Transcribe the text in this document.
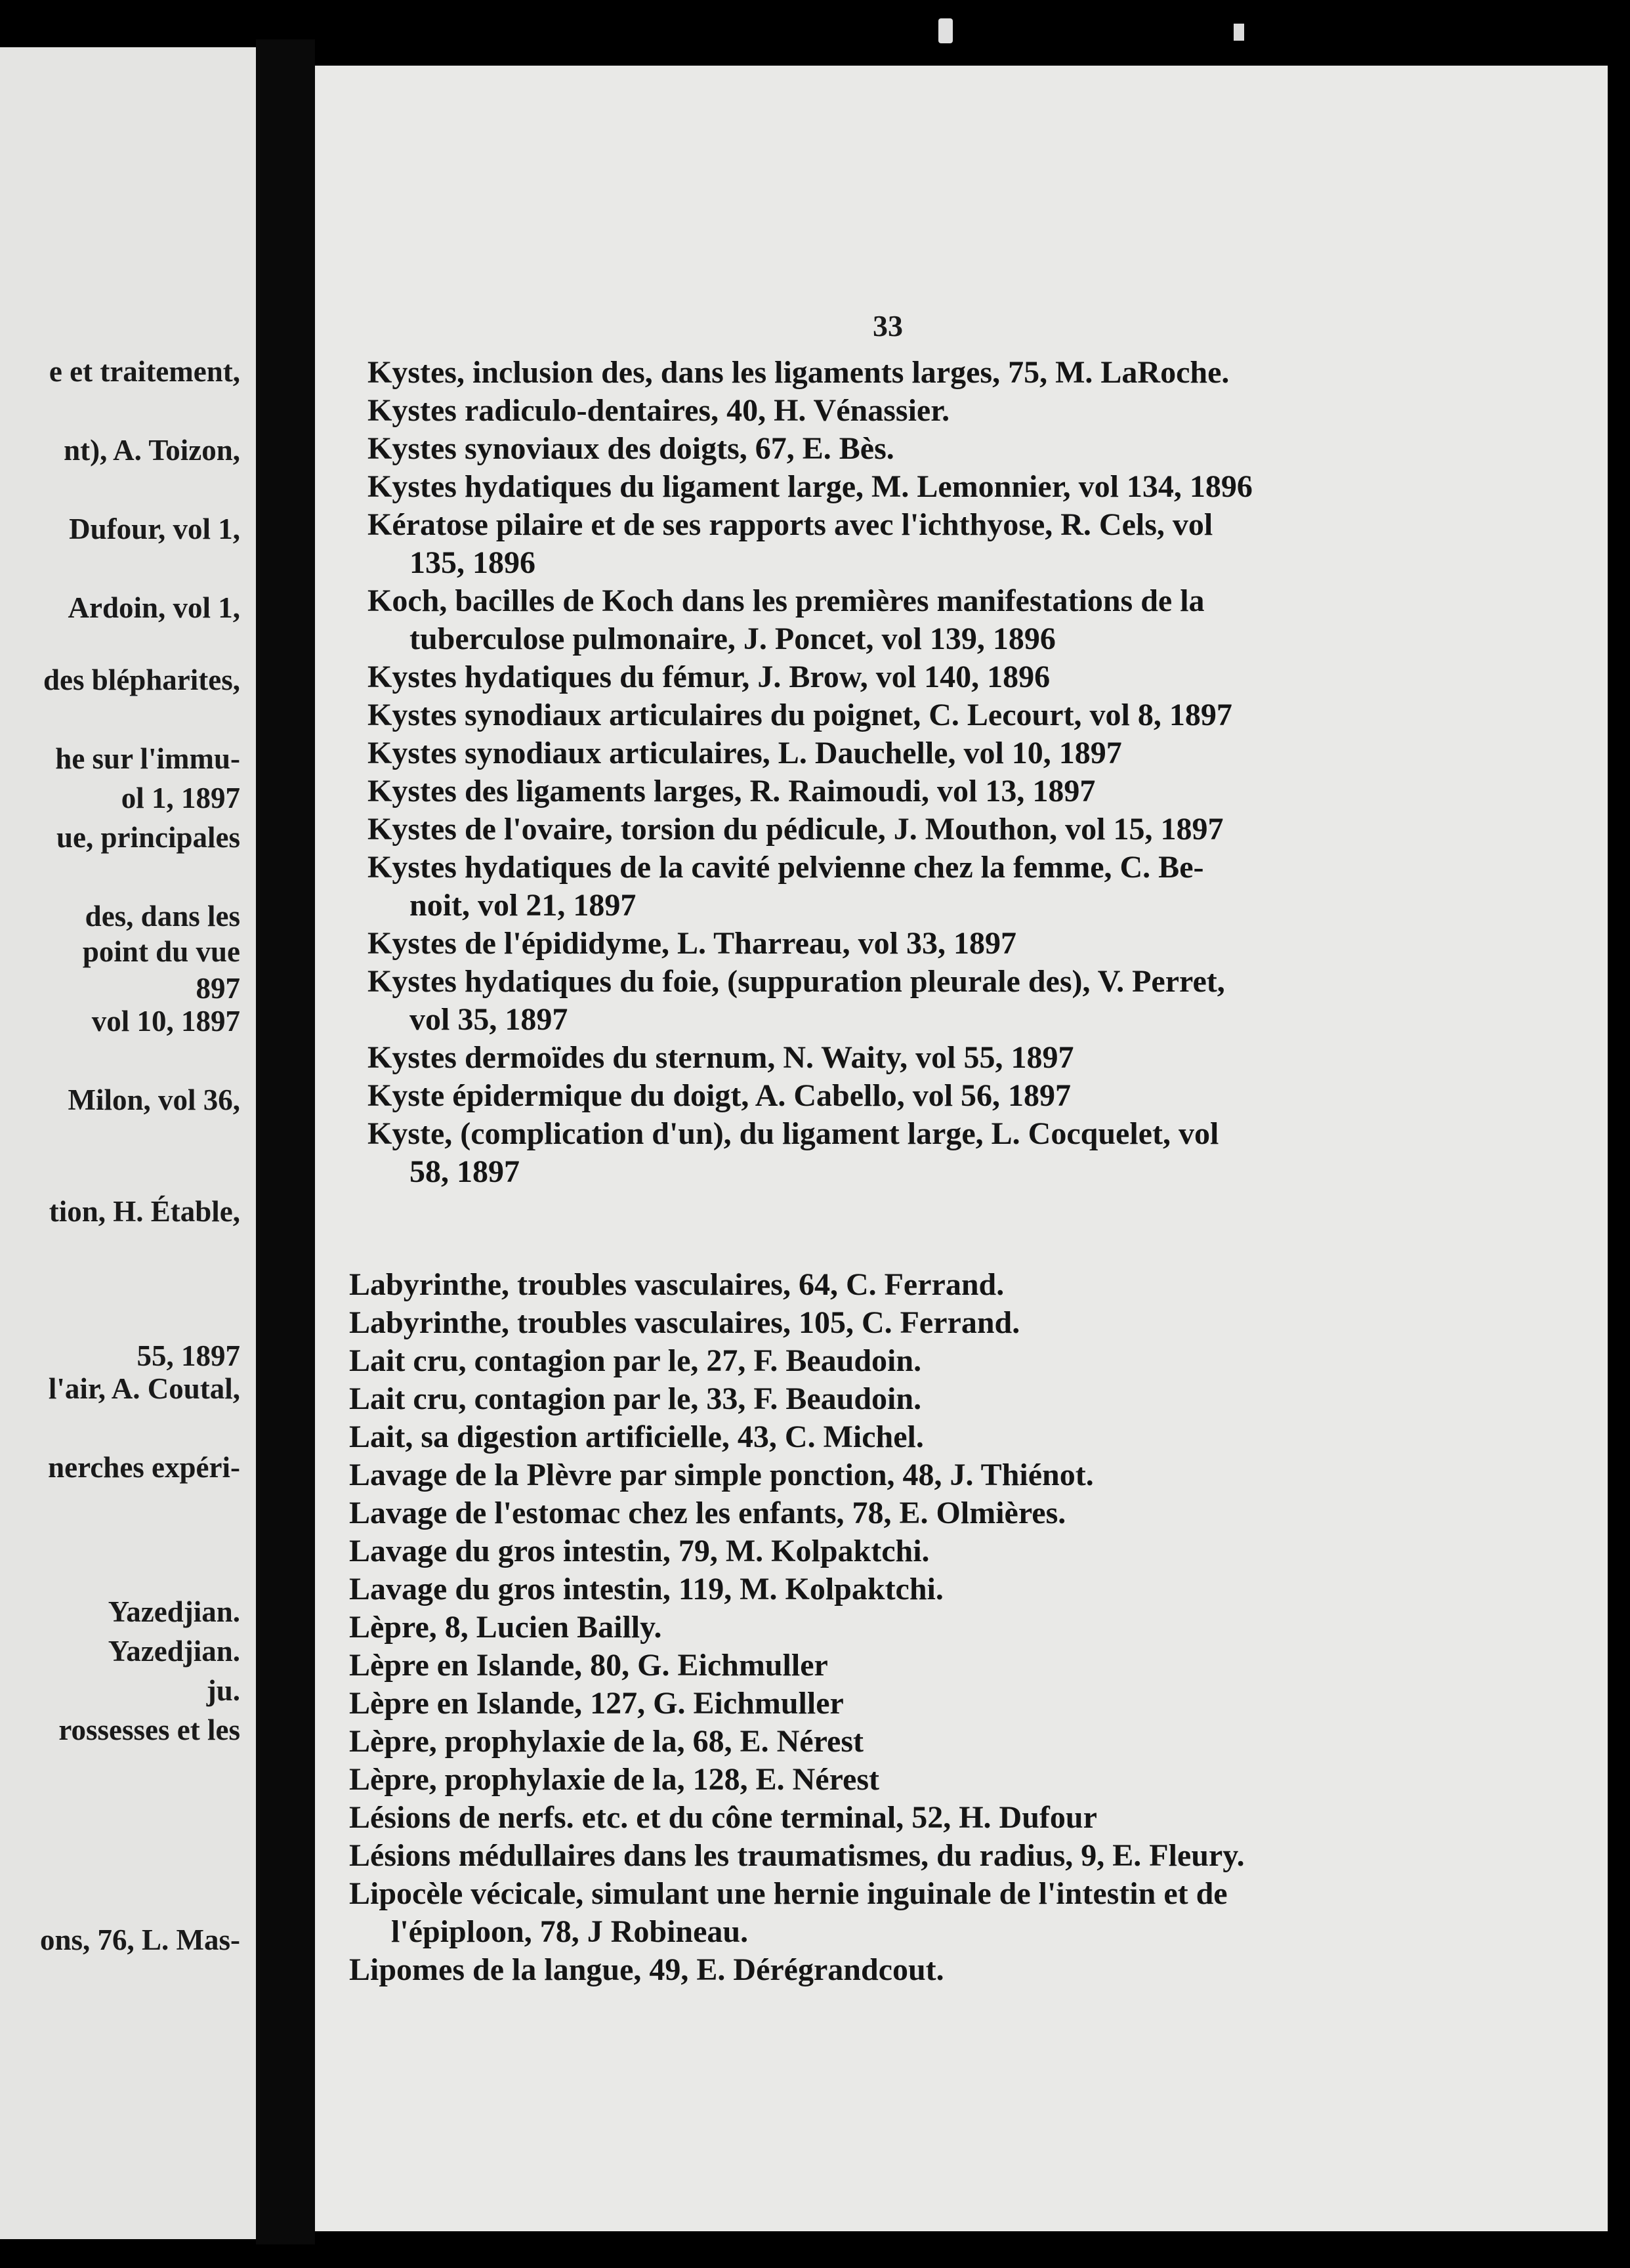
e et traitement,
nt), A. Toizon,
Dufour, vol 1,
Ardoin, vol 1,
des blépharites,
he sur l'immu-
ol 1, 1897
ue, principales
des, dans les
point du vue
897
vol 10, 1897
Milon, vol 36,
tion, H. Étable,
55, 1897
l'air, A. Coutal,
nerches expéri-
Yazedjian.
Yazedjian.
ju.
rossesses et les
ons, 76, L. Mas-
33
Kystes, inclusion des, dans les ligaments larges, 75, M. LaRoche.
Kystes radiculo-dentaires, 40, H. Vénassier.
Kystes synoviaux des doigts, 67, E. Bès.
Kystes hydatiques du ligament large, M. Lemonnier, vol 134, 1896
Kératose pilaire et de ses rapports avec l'ichthyose, R. Cels, vol
135, 1896
Koch, bacilles de Koch dans les premières manifestations de la
tuberculose pulmonaire, J. Poncet, vol 139, 1896
Kystes hydatiques du fémur, J. Brow, vol 140, 1896
Kystes synodiaux articulaires du poignet, C. Lecourt, vol 8, 1897
Kystes synodiaux articulaires, L. Dauchelle, vol 10, 1897
Kystes des ligaments larges, R. Raimoudi, vol 13, 1897
Kystes de l'ovaire, torsion du pédicule, J. Mouthon, vol 15, 1897
Kystes hydatiques de la cavité pelvienne chez la femme, C. Be-
noit, vol 21, 1897
Kystes de l'épididyme, L. Tharreau, vol 33, 1897
Kystes hydatiques du foie, (suppuration pleurale des), V. Perret,
vol 35, 1897
Kystes dermoïdes du sternum, N. Waity, vol 55, 1897
Kyste épidermique du doigt, A. Cabello, vol 56, 1897
Kyste, (complication d'un), du ligament large, L. Cocquelet, vol
58, 1897
Labyrinthe, troubles vasculaires, 64, C. Ferrand.
Labyrinthe, troubles vasculaires, 105, C. Ferrand.
Lait cru, contagion par le, 27, F. Beaudoin.
Lait cru, contagion par le, 33, F. Beaudoin.
Lait, sa digestion artificielle, 43, C. Michel.
Lavage de la Plèvre par simple ponction, 48, J. Thiénot.
Lavage de l'estomac chez les enfants, 78, E. Olmières.
Lavage du gros intestin, 79, M. Kolpaktchi.
Lavage du gros intestin, 119, M. Kolpaktchi.
Lèpre, 8, Lucien Bailly.
Lèpre en Islande, 80, G. Eichmuller
Lèpre en Islande, 127, G. Eichmuller
Lèpre, prophylaxie de la, 68, E. Nérest
Lèpre, prophylaxie de la, 128, E. Nérest
Lésions de nerfs. etc. et du cône terminal, 52, H. Dufour
Lésions médullaires dans les traumatismes, du radius, 9, E. Fleury.
Lipocèle vécicale, simulant une hernie inguinale de l'intestin et de
l'épiploon, 78, J Robineau.
Lipomes de la langue, 49, E. Dérégrandcout.
